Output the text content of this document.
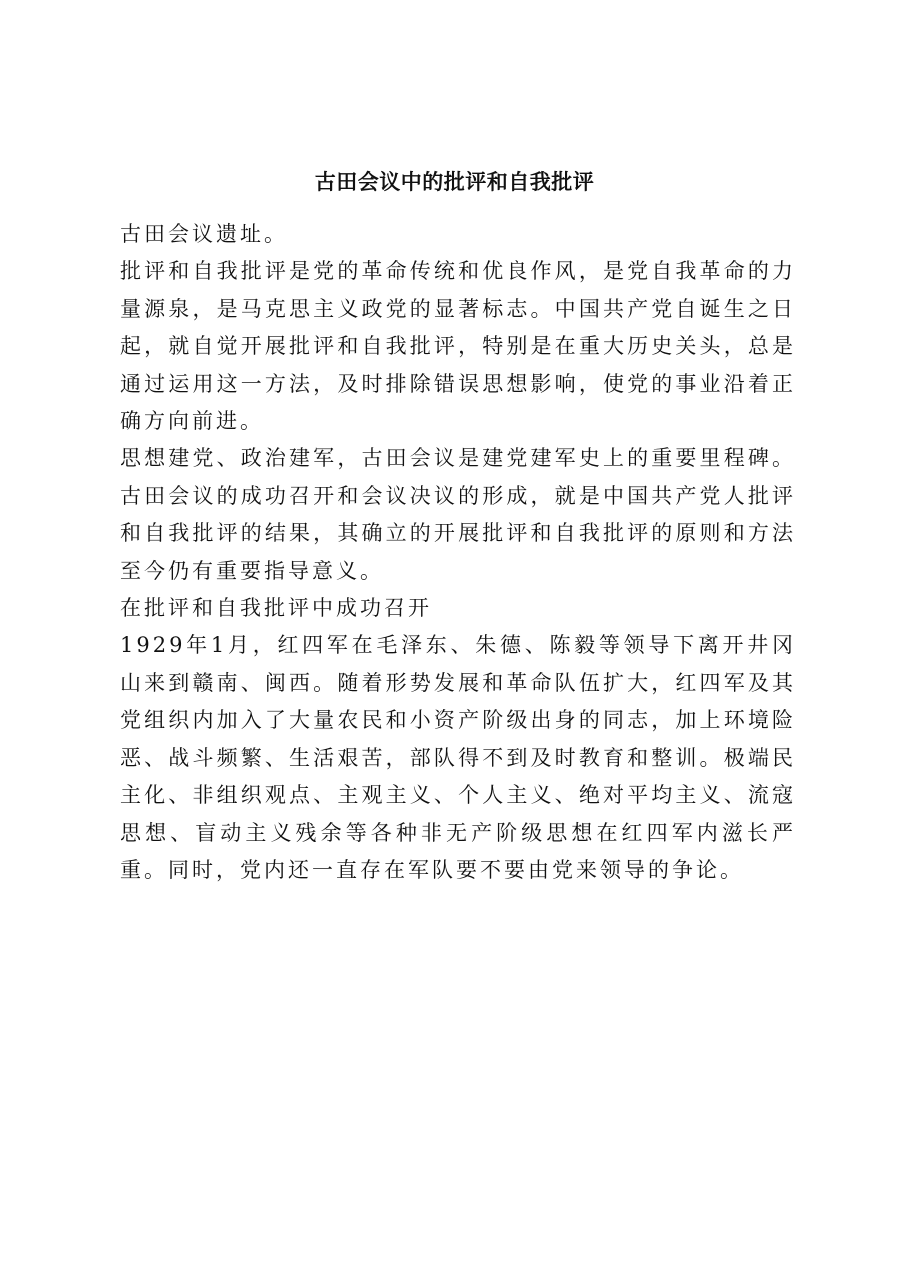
古田会议中的批评和自我批评

古田会议遗址。

批评和自我批评是党的革命传统和优良作风，是党自我革命的力量源泉，是马克思主义政党的显著标志。中国共产党自诞生之日起，就自觉开展批评和自我批评，特别是在重大历史关头，总是通过运用这一方法，及时排除错误思想影响，使党的事业沿着正确方向前进。

思想建党、政治建军，古田会议是建党建军史上的重要里程碑。古田会议的成功召开和会议决议的形成，就是中国共产党人批评和自我批评的结果，其确立的开展批评和自我批评的原则和方法至今仍有重要指导意义。

在批评和自我批评中成功召开

1929年1月，红四军在毛泽东、朱德、陈毅等领导下离开井冈山来到赣南、闽西。随着形势发展和革命队伍扩大，红四军及其党组织内加入了大量农民和小资产阶级出身的同志，加上环境险恶、战斗频繁、生活艰苦，部队得不到及时教育和整训。极端民主化、非组织观点、主观主义、个人主义、绝对平均主义、流寇思想、盲动主义残余等各种非无产阶级思想在红四军内滋长严重。同时，党内还一直存在军队要不要由党来领导的争论。
